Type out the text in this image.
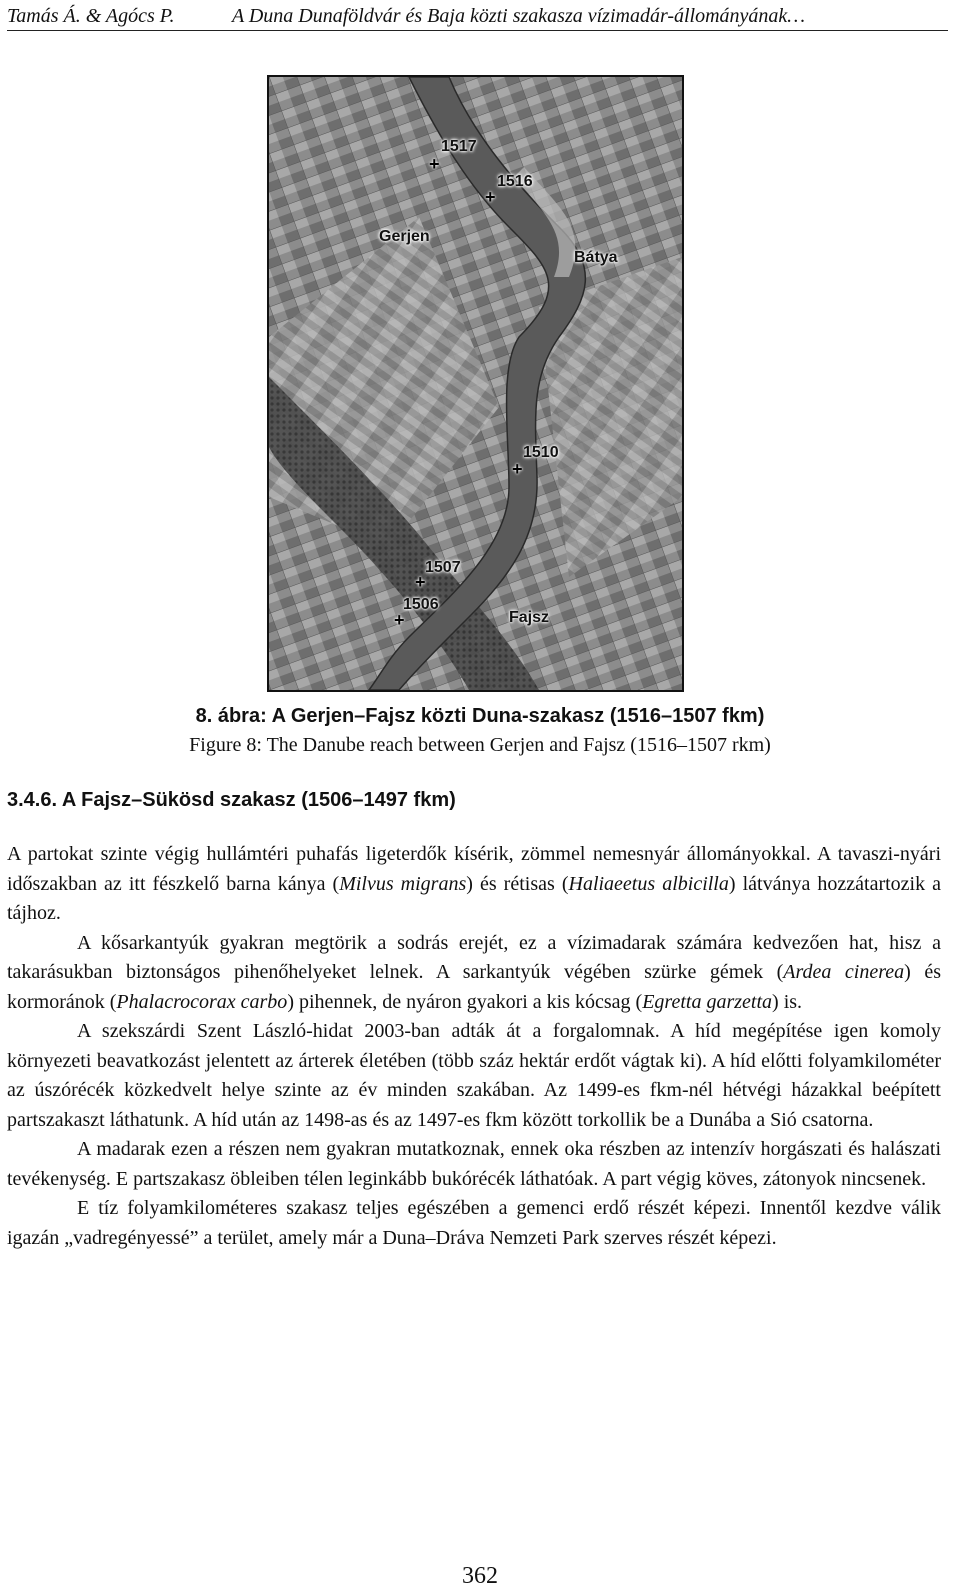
Tamás Á. & Agócs P.	A Duna Dunaföldvár és Baja közti szakasza vízimadár-állományának…
Gerjen
Bátya
Fajsz
+
1517
+
1516
+
1510
+
1507
+
1506
8. ábra: A Gerjen–Fajsz közti Duna-szakasz (1516–1507 fkm)
Figure 8: The Danube reach between Gerjen and Fajsz (1516–1507 rkm)
3.4.6. A Fajsz–Sükösd szakasz (1506–1497 fkm)

A partokat szinte végig hullámtéri puhafás ligeterdők kísérik, zömmel nemesnyár állományokkal. A tavaszi-nyári időszakban az itt fészkelő barna kánya (Milvus migrans) és rétisas (Haliaeetus albicilla) látványa hozzátartozik a tájhoz.

A kősarkantyúk gyakran megtörik a sodrás erejét, ez a vízimadarak számára kedvezően hat, hisz a takarásukban biztonságos pihenőhelyeket lelnek. A sarkantyúk végében szürke gémek (Ardea cinerea) és kormoránok (Phalacrocorax carbo) pihennek, de nyáron gyakori a kis kócsag (Egretta garzetta) is.

A szekszárdi Szent László-hidat 2003-ban adták át a forgalomnak. A híd megépítése igen komoly környezeti beavatkozást jelentett az árterek életében (több száz hektár erdőt vágtak ki). A híd előtti folyamkilométer az úszórécék közkedvelt helye szinte az év minden szakában. Az 1499-es fkm-nél hétvégi házakkal beépített partszakaszt láthatunk. A híd után az 1498-as és az 1497-es fkm között torkollik be a Dunába a Sió csatorna.

A madarak ezen a részen nem gyakran mutatkoznak, ennek oka részben az intenzív horgászati és halászati tevékenység. E partszakasz öbleiben télen leginkább bukórécék láthatóak. A part végig köves, zátonyok nincsenek.

E tíz folyamkilométeres szakasz teljes egészében a gemenci erdő részét képezi. Innentől kezdve válik igazán „vadregényessé” a terület, amely már a Duna–Dráva Nemzeti Park szerves részét képezi.

362
